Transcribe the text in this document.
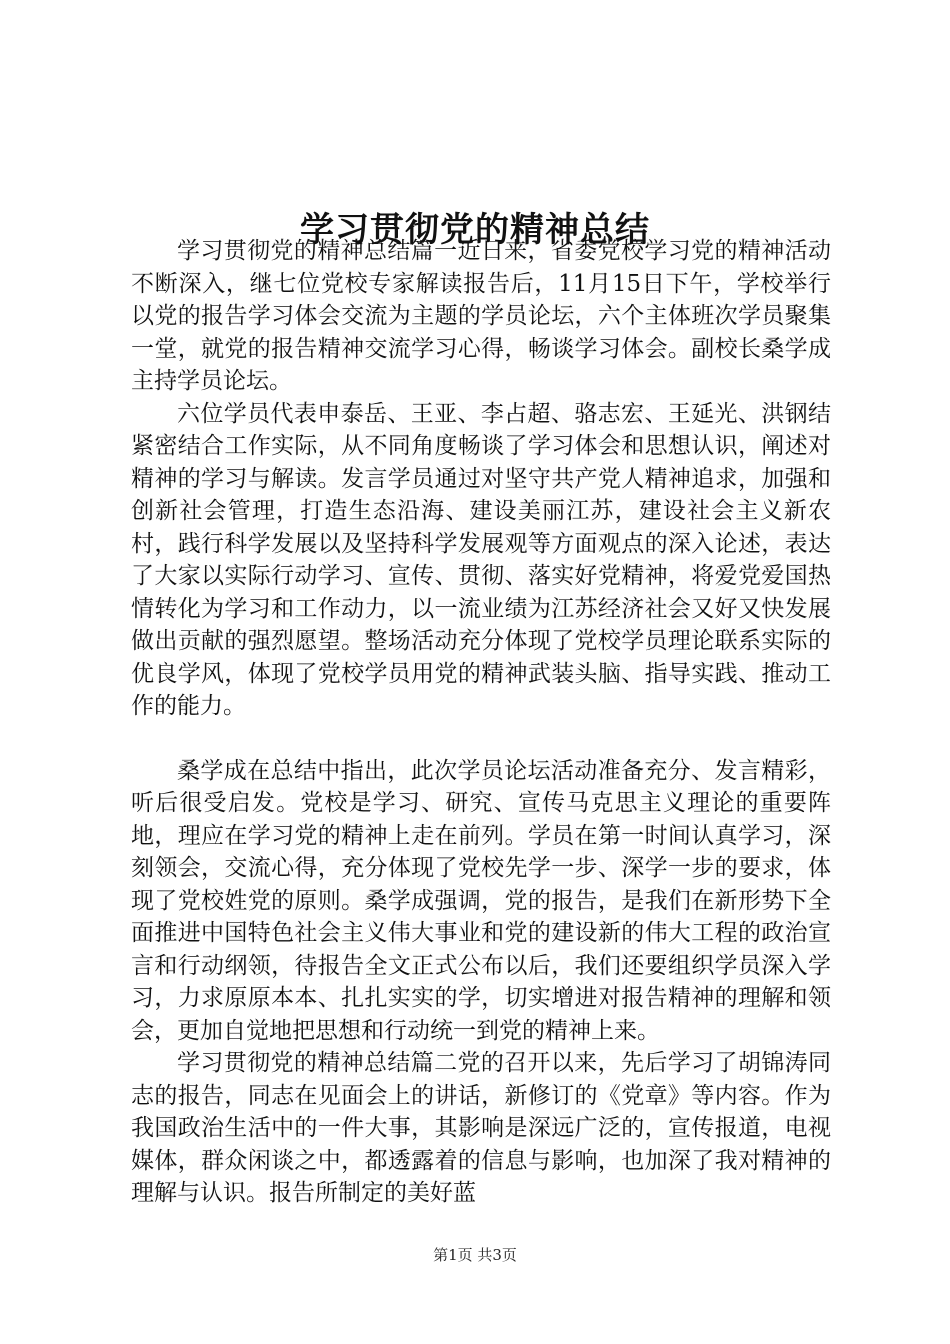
学习贯彻党的精神总结

学习贯彻党的精神总结篇一近日来，省委党校学习党的精神活动不断深入，继七位党校专家解读报告后，11月15日下午，学校举行以党的报告学习体会交流为主题的学员论坛，六个主体班次学员聚集一堂，就党的报告精神交流学习心得，畅谈学习体会。副校长桑学成主持学员论坛。

六位学员代表申泰岳、王亚、李占超、骆志宏、王延光、洪钢结紧密结合工作实际，从不同角度畅谈了学习体会和思想认识，阐述对精神的学习与解读。发言学员通过对坚守共产党人精神追求，加强和创新社会管理，打造生态沿海、建设美丽江苏，建设社会主义新农村，践行科学发展以及坚持科学发展观等方面观点的深入论述，表达了大家以实际行动学习、宣传、贯彻、落实好党精神，将爱党爱国热情转化为学习和工作动力，以一流业绩为江苏经济社会又好又快发展做出贡献的强烈愿望。整场活动充分体现了党校学员理论联系实际的优良学风，体现了党校学员用党的精神武装头脑、指导实践、推动工作的能力。

桑学成在总结中指出，此次学员论坛活动准备充分、发言精彩，听后很受启发。党校是学习、研究、宣传马克思主义理论的重要阵地，理应在学习党的精神上走在前列。学员在第一时间认真学习，深刻领会，交流心得，充分体现了党校先学一步、深学一步的要求，体现了党校姓党的原则。桑学成强调，党的报告，是我们在新形势下全面推进中国特色社会主义伟大事业和党的建设新的伟大工程的政治宣言和行动纲领，待报告全文正式公布以后，我们还要组织学员深入学习，力求原原本本、扎扎实实的学，切实增进对报告精神的理解和领会，更加自觉地把思想和行动统一到党的精神上来。

学习贯彻党的精神总结篇二党的召开以来，先后学习了胡锦涛同志的报告，同志在见面会上的讲话，新修订的《党章》等内容。作为我国政治生活中的一件大事，其影响是深远广泛的，宣传报道，电视媒体，群众闲谈之中，都透露着的信息与影响，也加深了我对精神的理解与认识。报告所制定的美好蓝

第1页 共3页
